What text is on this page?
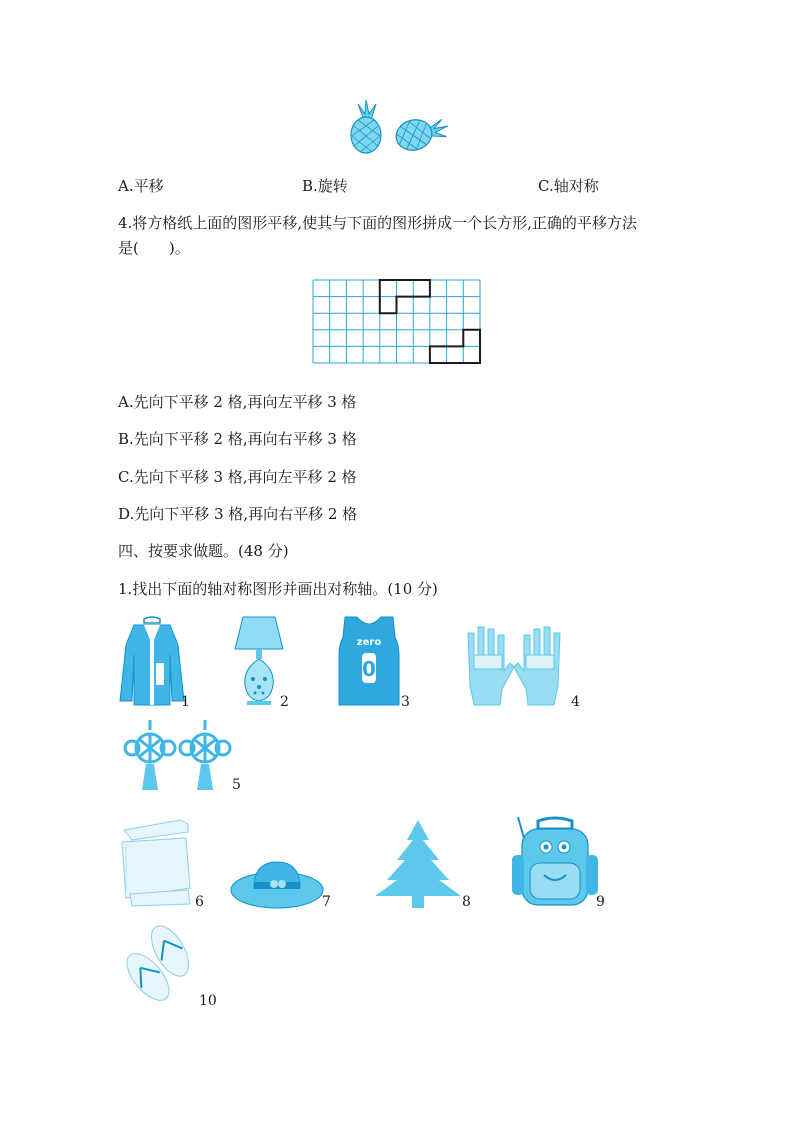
A.平移	B.旋转	C.轴对称
4.将方格纸上面的图形平移,使其与下面的图形拼成一个长方形,正确的平移方法
是(　　)。
A.先向下平移 2 格,再向左平移 3 格
B.先向下平移 2 格,再向右平移 3 格
C.先向下平移 3 格,再向左平移 2 格
D.先向下平移 3 格,再向右平移 2 格
四、按要求做题。(48 分)
1.找出下面的轴对称图形并画出对称轴。(10 分)
1	2
zero
0
3	4
5
6	7	8	9
10
